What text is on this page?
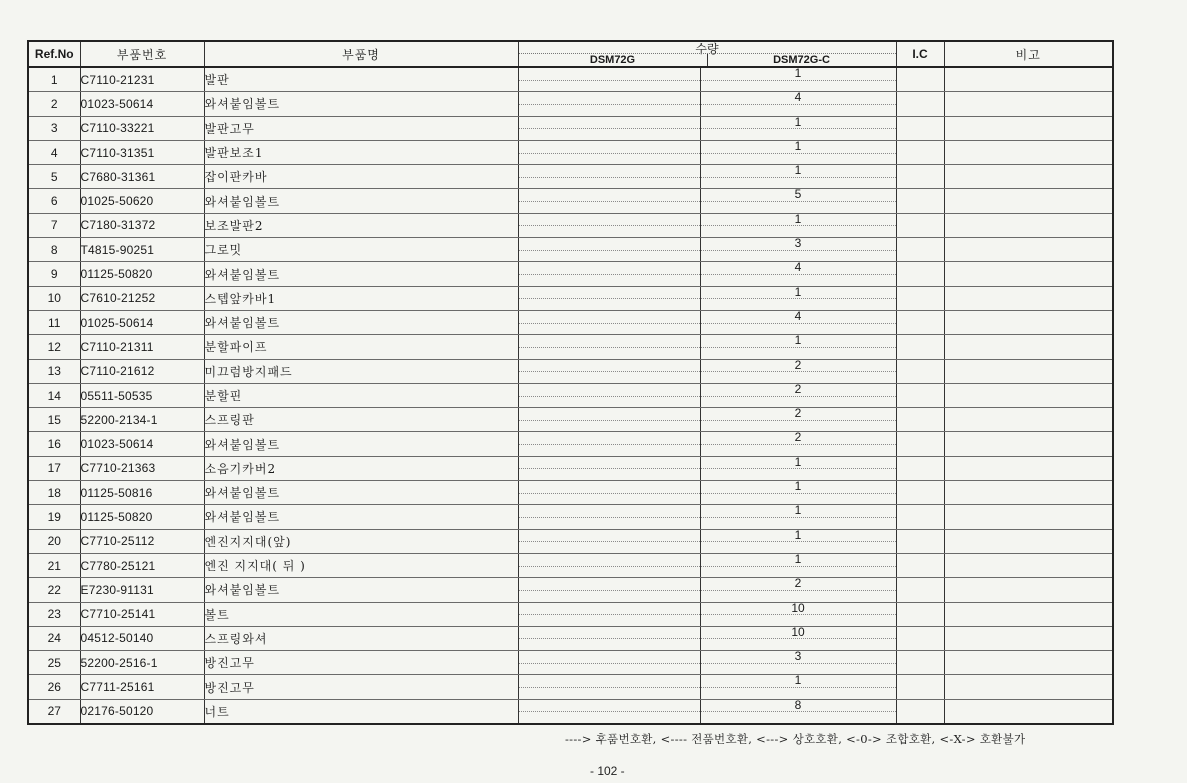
Ref.No	부품번호	부품명	수량
DSM72G DSM72G-C		I.C	비고
1	C7110-21231	발판		1		

2	01023-50614	와셔붙임볼트		4		

3	C7110-33221	발판고무		1		

4	C7110-31351	발판보조1		1		

5	C7680-31361	잡이판카바		1		

6	01025-50620	와셔붙임볼트		5		

7	C7180-31372	보조발판2		1		

8	T4815-90251	그로밋		3		

9	01125-50820	와셔붙임볼트		4		

10	C7610-21252	스텝앞카바1		1		

11	01025-50614	와셔붙임볼트		4		

12	C7110-21311	분할파이프		1		

13	C7110-21612	미끄럼방지패드		2		

14	05511-50535	분할핀		2		

15	52200-2134-1	스프링판		2		

16	01023-50614	와셔붙임볼트		2		

17	C7710-21363	소음기카버2		1		

18	01125-50816	와셔붙임볼트		1		

19	01125-50820	와셔붙임볼트		1		

20	C7710-25112	엔진지지대(앞)		1		

21	C7780-25121	엔진 지지대( 뒤 )		1		

22	E7230-91131	와셔붙임볼트		2		

23	C7710-25141	볼트		10		

24	04512-50140	스프링와셔		10		

25	52200-2516-1	방진고무		3		

26	C7711-25161	방진고무		1		

27	02176-50120	너트		8		

----> 후품번호환, <---- 전품번호환, <---> 상호호환, <-0-> 조합호환, <-X-> 호환불가
- 102 -
